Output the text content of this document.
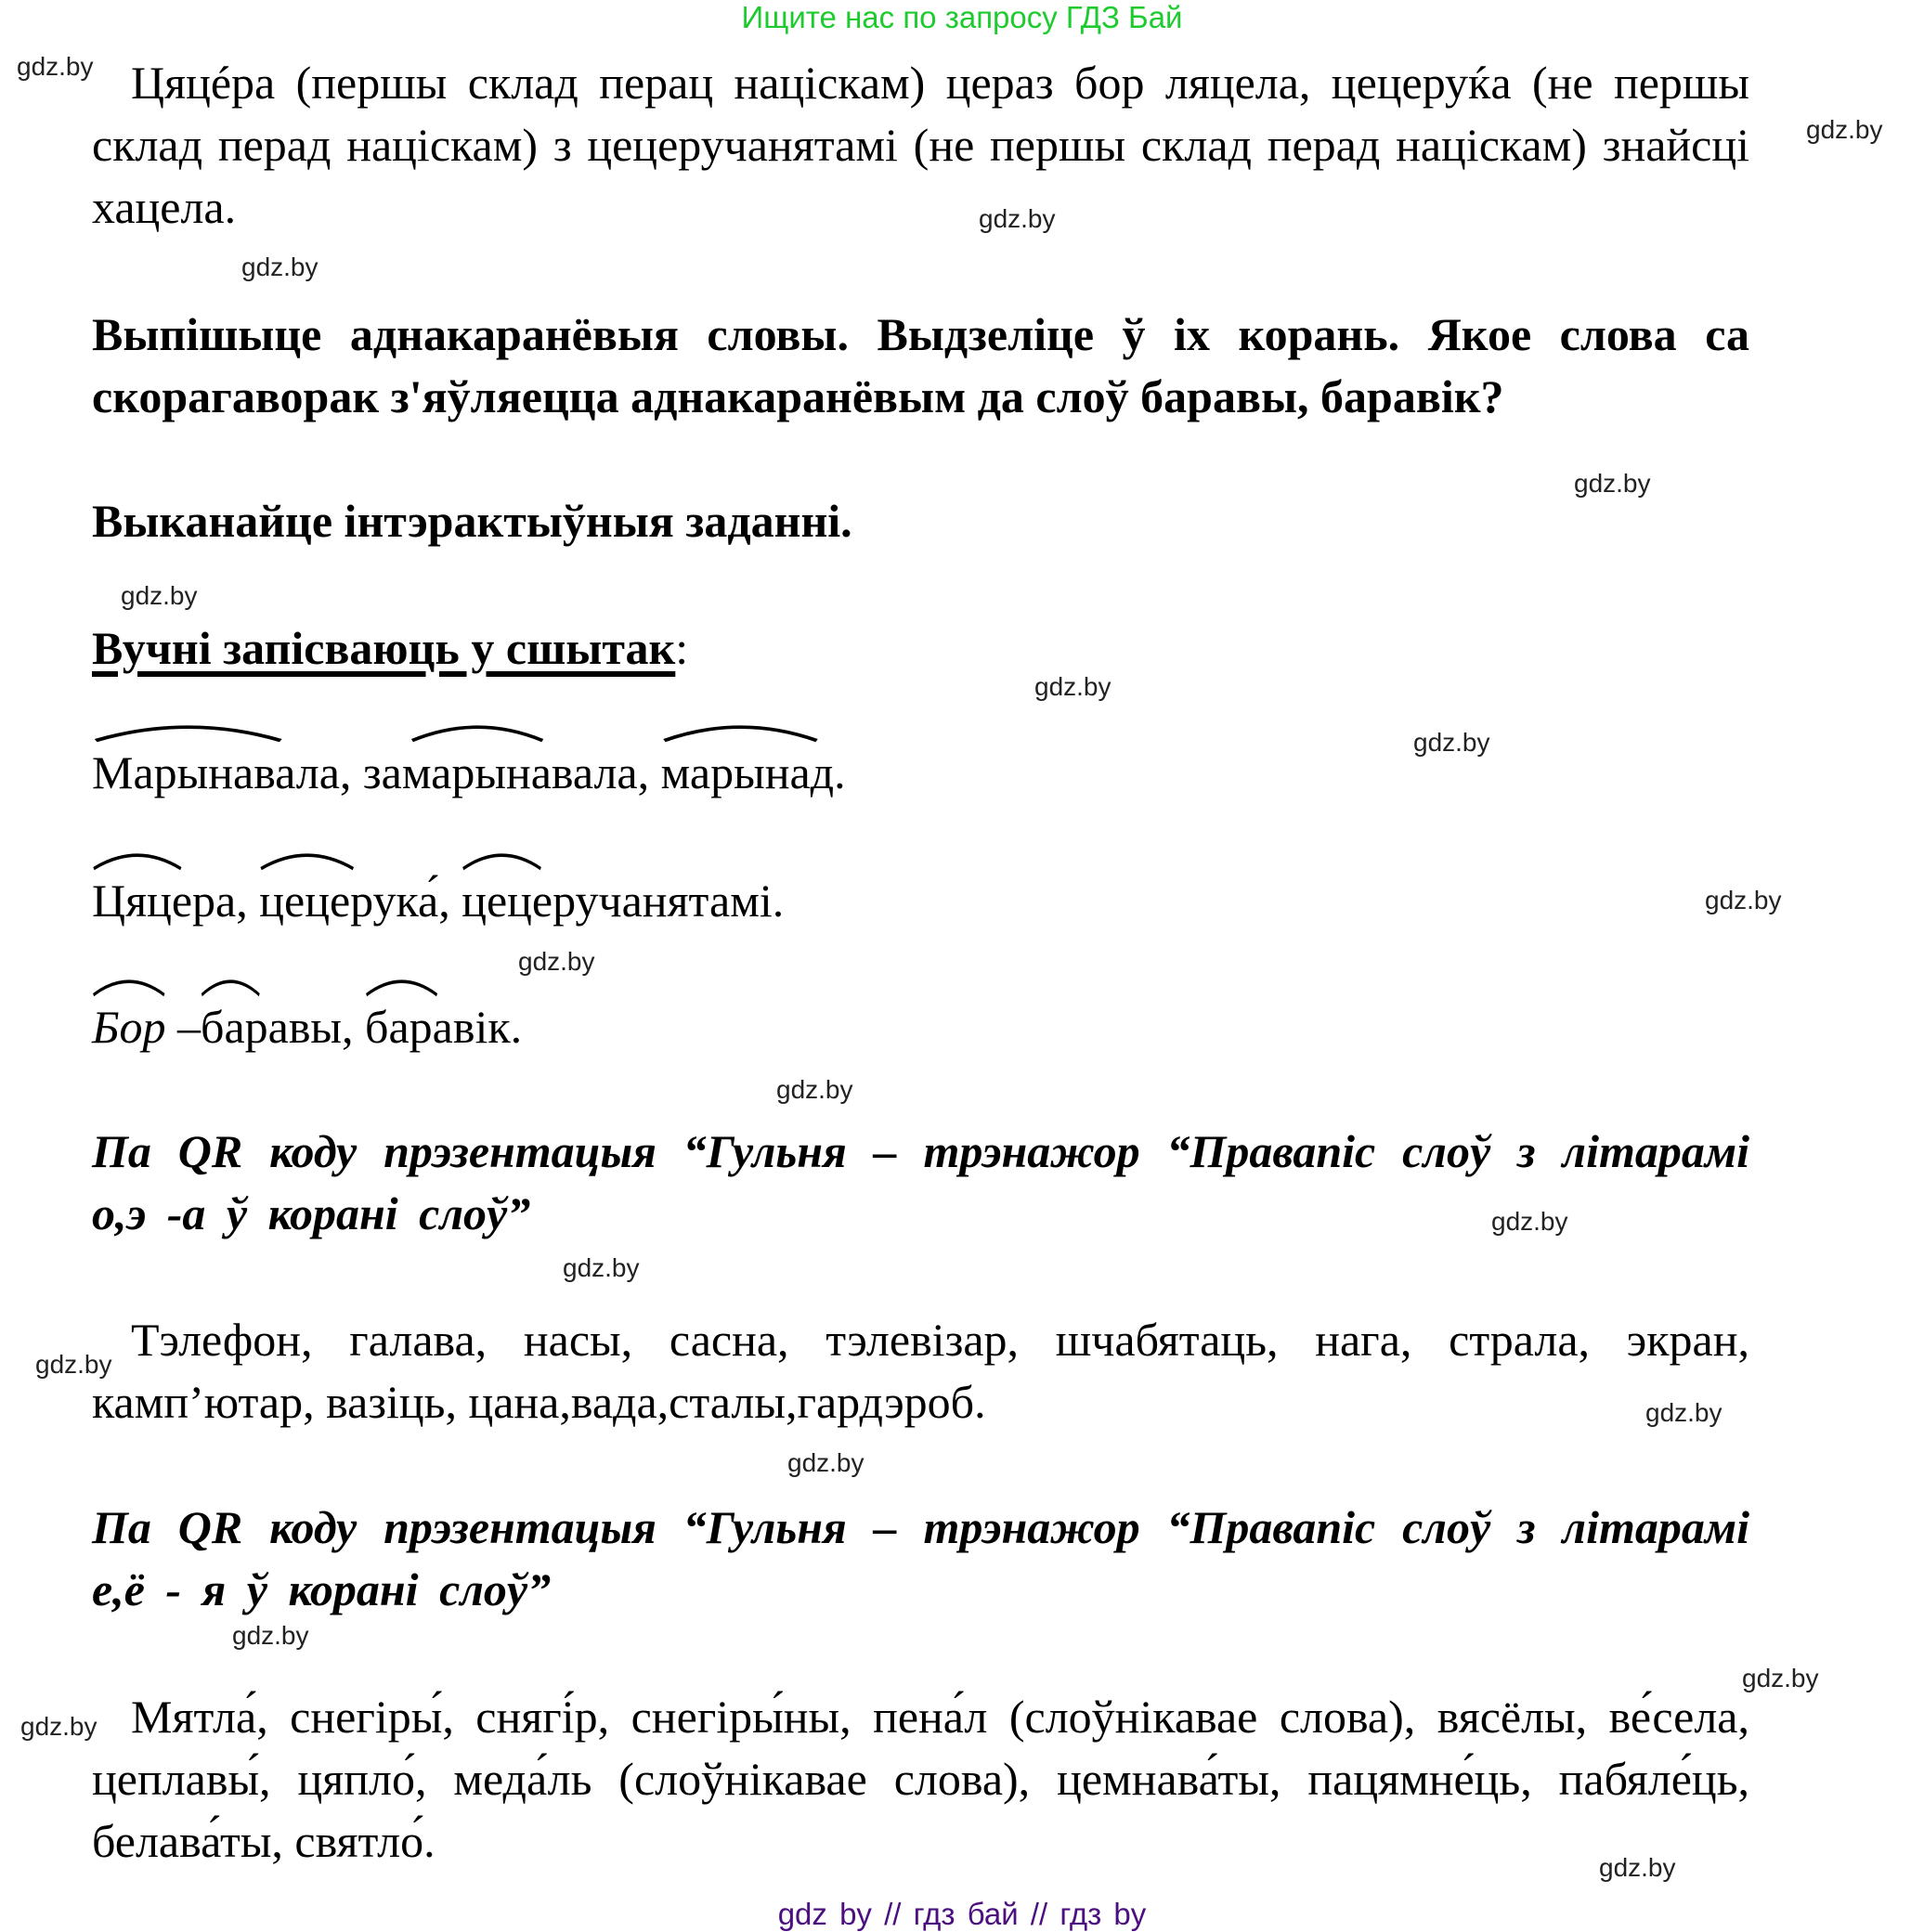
Ищите нас по запросу ГДЗ Бай
gdz.by
gdz.by
gdz.by
gdz.by
gdz.by
gdz.by
gdz.by
gdz.by
gdz.by
gdz.by
gdz.by
gdz.by
gdz.by
gdz.by
gdz.by
gdz.by
gdz.by
gdz.by
gdz.by
gdz.by
Цяцéра (першы склад перац націскам) цераз бор ляцела, цецеруќа (не першы склад перад націскам) з цецеручанятамі (не першы склад перад націскам) знайсці хацела.
Выпішыце аднакаранёвыя словы. Выдзеліце ў іх корань. Якое слова са скорагаворак з'яўляецца аднакаранёвым да слоў баравы, баравік?
Выканайце інтэрактыўныя заданні.
Вучні запісваюць у сшытак:
Марынавала, замарынавала, марынад.
Цяцера, цецерука́, цецеручанятамі.
Бор –
баравы, баравік.
Па QR коду прэзентацыя “Гульня – трэнажор “Правапіс слоў з літарамі о,э -а ў корані слоў”
Тэлефон, галава, насы, сасна, тэлевізар, шчабятаць, нага, страла, экран, камп’ютар, вазіць, цана,вада,сталы,гардэроб.
Па QR коду прэзентацыя “Гульня – трэнажор “Правапіс слоў з літарамі е,ё - я ў корані слоў”
Мятла́, снегіры́, снягі́р, снегіры́ны, пена́л (слоўнікавае слова), вясёлы, ве́села, цеплавы́, цяпло́, меда́ль (слоўнікавае слова), цемнава́ты, пацямне́ць, пабяле́ць, белава́ты, святло́.
gdz by // гдз бай // гдз by
